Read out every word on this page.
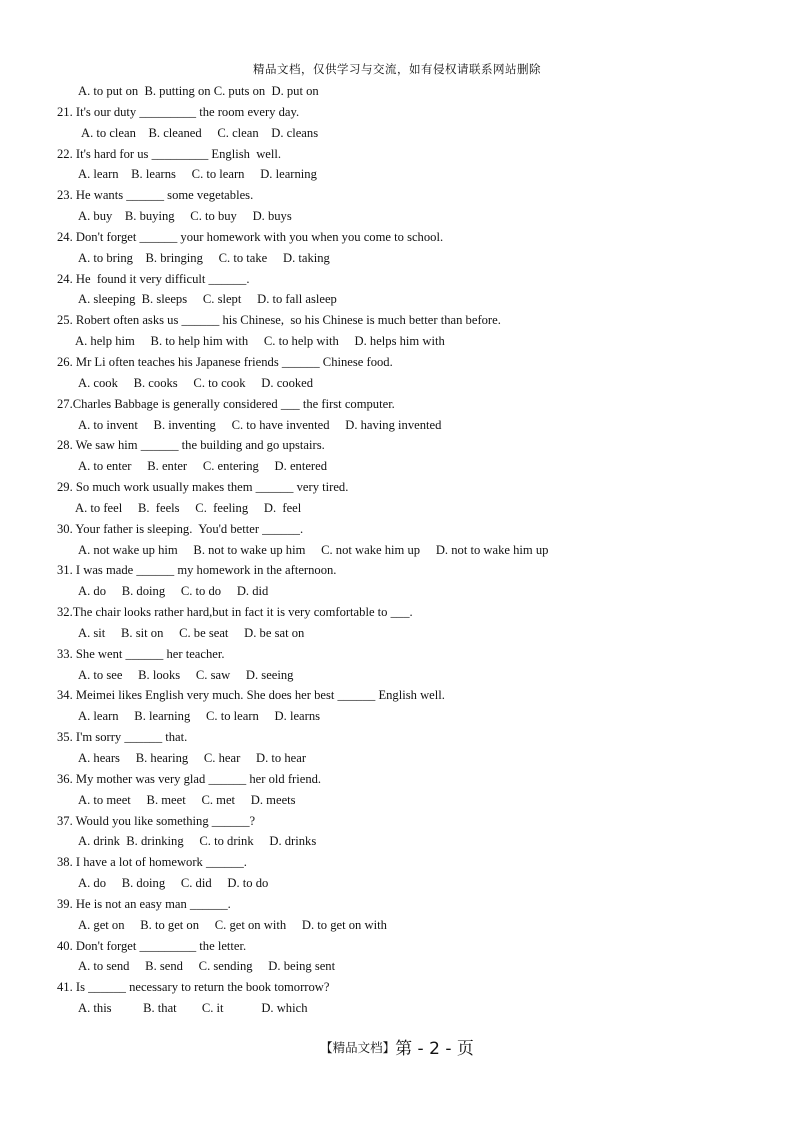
精品文档，仅供学习与交流，如有侵权请联系网站删除
A. to put on  B. putting on C. puts on  D. put on
21. It's our duty _________ the room every day.
A. to clean    B. cleaned     C. clean    D. cleans
22. It's hard for us _________ English  well.
A. learn    B. learns     C. to learn     D. learning
23. He wants ______ some vegetables.
A. buy    B. buying     C. to buy     D. buys
24. Don't forget ______ your homework with you when you come to school.
A. to bring    B. bringing     C. to take     D. taking
24. He  found it very difficult ______.
A. sleeping  B. sleeps     C. slept     D. to fall asleep
25. Robert often asks us ______ his Chinese,  so his Chinese is much better than before.
A. help him     B. to help him with     C. to help with     D. helps him with
26. Mr Li often teaches his Japanese friends ______ Chinese food.
A. cook     B. cooks     C. to cook     D. cooked
27.Charles Babbage is generally considered ___ the first computer.
A. to invent     B. inventing     C. to have invented     D. having invented
28. We saw him ______ the building and go upstairs.
A. to enter     B. enter     C. entering     D. entered
29. So much work usually makes them ______ very tired.
A. to feel     B.  feels     C.  feeling     D.  feel
30. Your father is sleeping.  You'd better ______.
A. not wake up him     B. not to wake up him     C. not wake him up     D. not to wake him up
31. I was made ______ my homework in the afternoon.
A. do     B. doing     C. to do     D. did
32.The chair looks rather hard,but in fact it is very comfortable to ___.
A. sit     B. sit on     C. be seat     D. be sat on
33. She went ______ her teacher.
A. to see     B. looks     C. saw     D. seeing
34. Meimei likes English very much. She does her best ______ English well.
A. learn     B. learning     C. to learn     D. learns
35. I'm sorry ______ that.
A. hears     B. hearing     C. hear     D. to hear
36. My mother was very glad ______ her old friend.
A. to meet     B. meet     C. met     D. meets
37. Would you like something ______?
A. drink  B. drinking     C. to drink     D. drinks
38. I have a lot of homework ______.
A. do     B. doing     C. did     D. to do
39. He is not an easy man ______.
A. get on     B. to get on     C. get on with     D. to get on with
40. Don't forget _________ the letter.
A. to send     B. send     C. sending     D. being sent
41. Is ______ necessary to return the book tomorrow?
A. this          B. that        C. it            D. which
【精品文档】第 - 2 - 页
